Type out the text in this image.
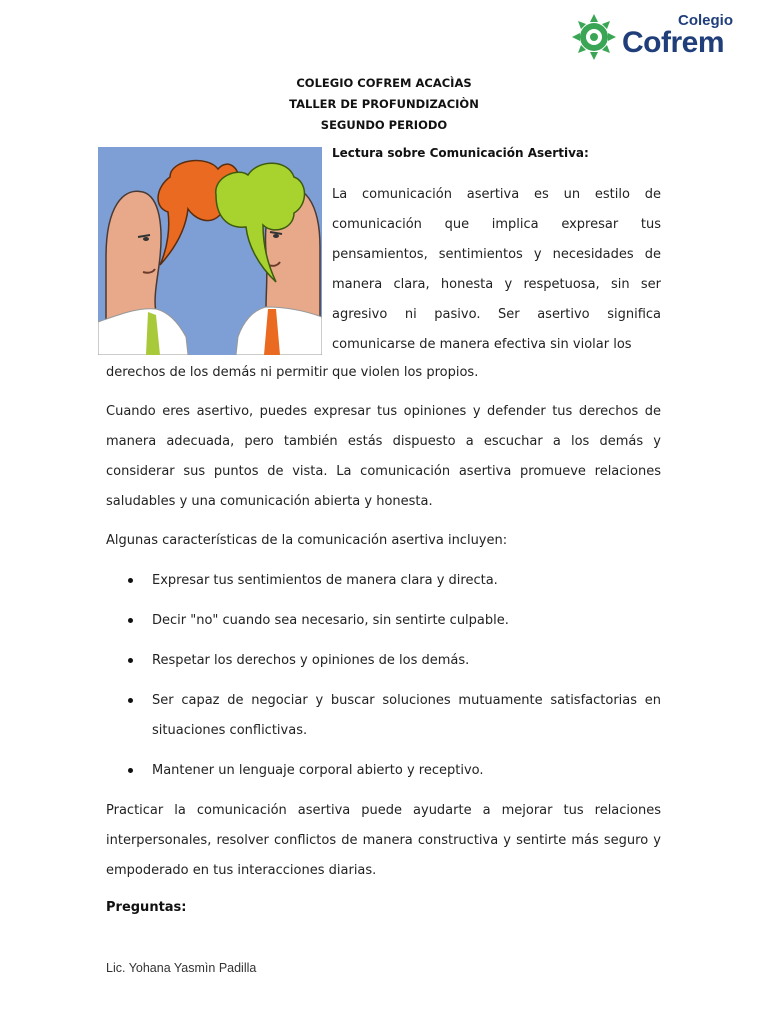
Colegio
Cofrem
COLEGIO COFREM ACACÌAS
TALLER DE PROFUNDIZACIÒN
SEGUNDO PERIODO
Lectura sobre Comunicación Asertiva:
La comunicación asertiva es un estilo de comunicación que implica expresar tus pensamientos, sentimientos y necesidades de manera clara, honesta y respetuosa, sin ser agresivo ni pasivo. Ser asertivo significa comunicarse de manera efectiva sin violar los
derechos de los demás ni permitir que violen los propios.
Cuando eres asertivo, puedes expresar tus opiniones y defender tus derechos de manera adecuada, pero también estás dispuesto a escuchar a los demás y considerar sus puntos de vista. La comunicación asertiva promueve relaciones saludables y una comunicación abierta y honesta.
Algunas características de la comunicación asertiva incluyen:
Expresar tus sentimientos de manera clara y directa.
Decir "no" cuando sea necesario, sin sentirte culpable.
Respetar los derechos y opiniones de los demás.
Ser capaz de negociar y buscar soluciones mutuamente satisfactorias en situaciones conflictivas.
Mantener un lenguaje corporal abierto y receptivo.
Practicar la comunicación asertiva puede ayudarte a mejorar tus relaciones interpersonales, resolver conflictos de manera constructiva y sentirte más seguro y empoderado en tus interacciones diarias.
Preguntas:
Lic. Yohana Yasmìn Padilla
